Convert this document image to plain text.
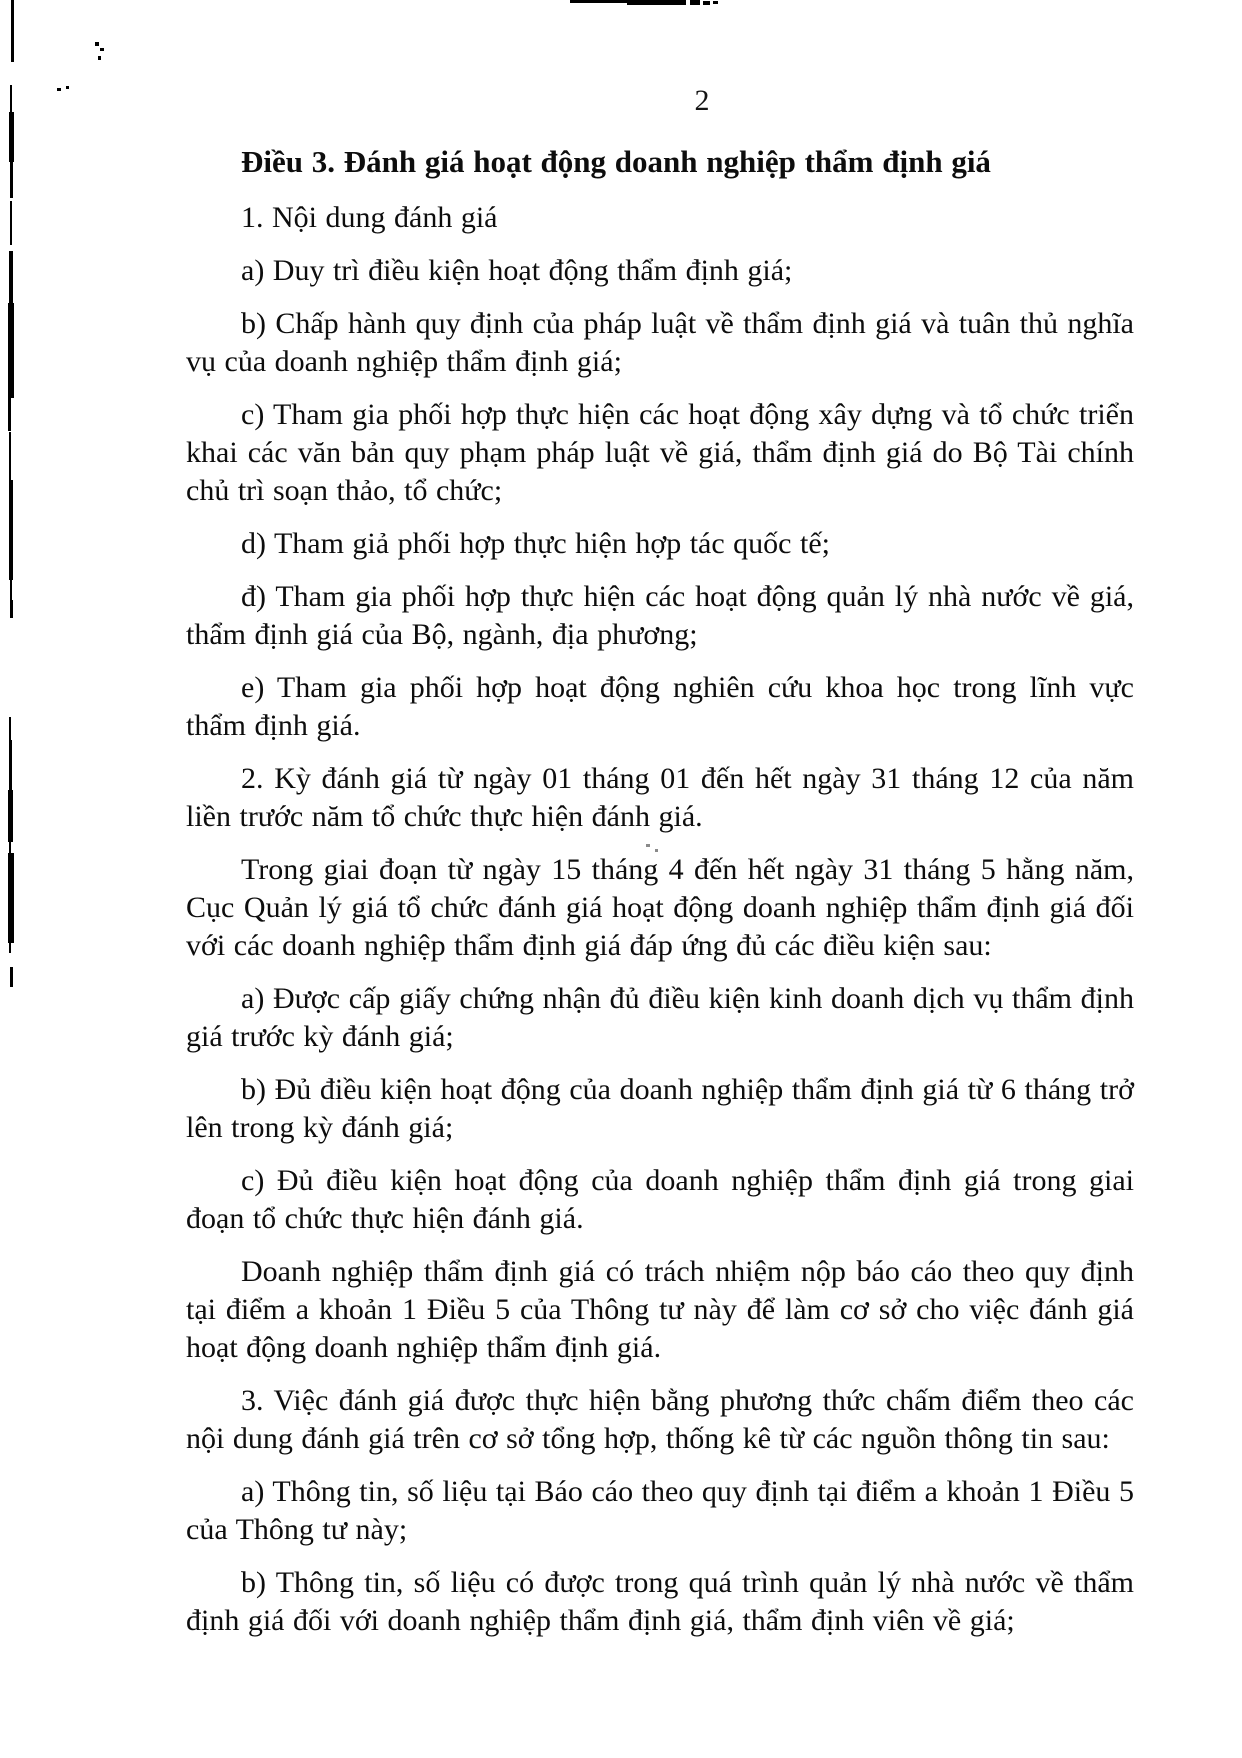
2

Điều 3. Đánh giá hoạt động doanh nghiệp thẩm định giá

1. Nội dung đánh giá

a) Duy trì điều kiện hoạt động thẩm định giá;

b) Chấp hành quy định của pháp luật về thẩm định giá và tuân thủ nghĩa vụ của doanh nghiệp thẩm định giá;

c) Tham gia phối hợp thực hiện các hoạt động xây dựng và tổ chức triển khai các văn bản quy phạm pháp luật về giá, thẩm định giá do Bộ Tài chính chủ trì soạn thảo, tổ chức;

d) Tham giả phối hợp thực hiện hợp tác quốc tế;

đ) Tham gia phối hợp thực hiện các hoạt động quản lý nhà nước về giá, thẩm định giá của Bộ, ngành, địa phương;

e) Tham gia phối hợp hoạt động nghiên cứu khoa học trong lĩnh vực thẩm định giá.

2. Kỳ đánh giá từ ngày 01 tháng 01 đến hết ngày 31 tháng 12 của năm liền trước năm tổ chức thực hiện đánh giá.

Trong giai đoạn từ ngày 15 tháng 4 đến hết ngày 31 tháng 5 hằng năm, Cục Quản lý giá tổ chức đánh giá hoạt động doanh nghiệp thẩm định giá đối với các doanh nghiệp thẩm định giá đáp ứng đủ các điều kiện sau:

a) Được cấp giấy chứng nhận đủ điều kiện kinh doanh dịch vụ thẩm định giá trước kỳ đánh giá;

b) Đủ điều kiện hoạt động của doanh nghiệp thẩm định giá từ 6 tháng trở lên trong kỳ đánh giá;

c) Đủ điều kiện hoạt động của doanh nghiệp thẩm định giá trong giai đoạn tổ chức thực hiện đánh giá.

Doanh nghiệp thẩm định giá có trách nhiệm nộp báo cáo theo quy định tại điểm a khoản 1 Điều 5 của Thông tư này để làm cơ sở cho việc đánh giá hoạt động doanh nghiệp thẩm định giá.

3. Việc đánh giá được thực hiện bằng phương thức chấm điểm theo các nội dung đánh giá trên cơ sở tổng hợp, thống kê từ các nguồn thông tin sau:

a) Thông tin, số liệu tại Báo cáo theo quy định tại điểm a khoản 1 Điều 5 của Thông tư này;

b) Thông tin, số liệu có được trong quá trình quản lý nhà nước về thẩm định giá đối với doanh nghiệp thẩm định giá, thẩm định viên về giá;
